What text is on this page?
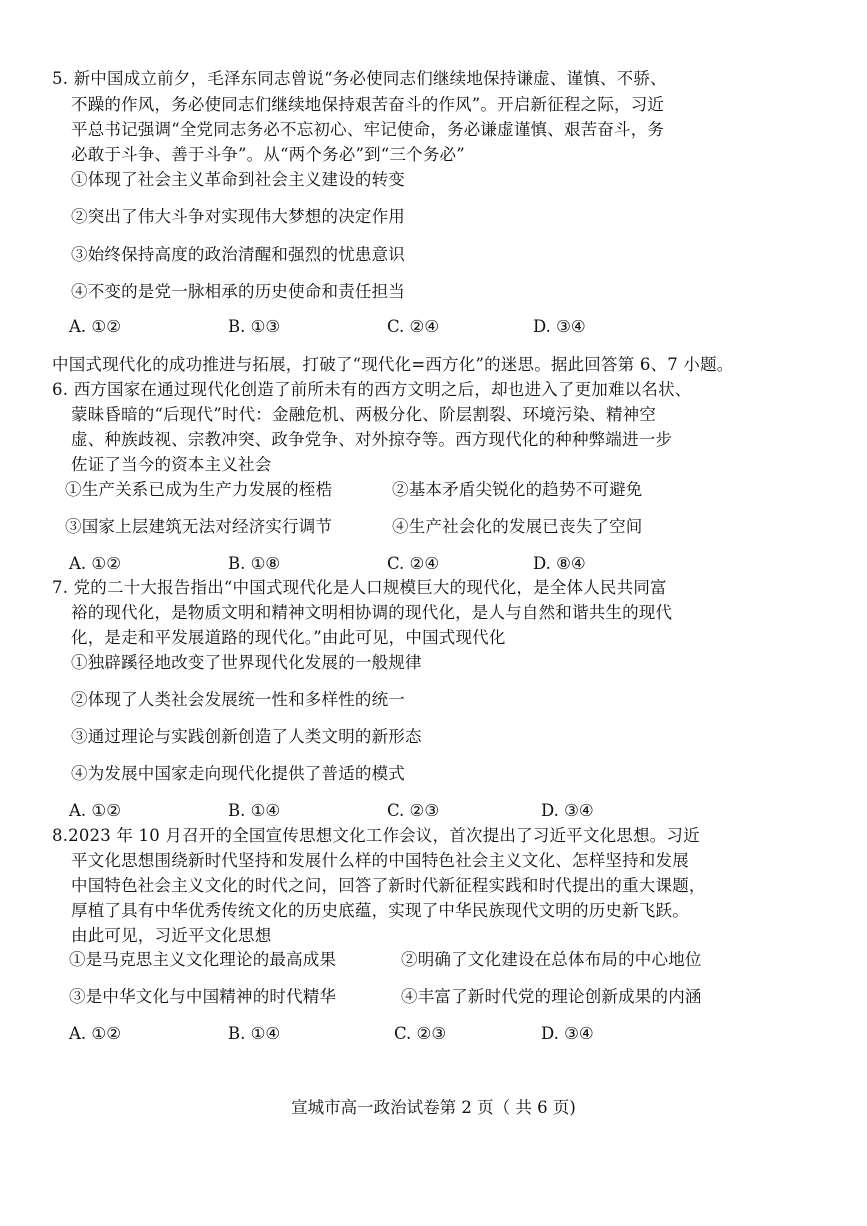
5. 新中国成立前夕，毛泽东同志曾说“务必使同志们继续地保持谦虚、谨慎、不骄、
不躁的作风，务必使同志们继续地保持艰苦奋斗的作风”。开启新征程之际，习近
平总书记强调“全党同志务必不忘初心、牢记使命，务必谦虚谨慎、艰苦奋斗，务
必敢于斗争、善于斗争”。从“两个务必”到“三个务必”
①体现了社会主义革命到社会主义建设的转变
②突出了伟大斗争对实现伟大梦想的决定作用
③始终保持高度的政治清醒和强烈的忧患意识
④不变的是党一脉相承的历史使命和责任担当
A. ①②	B. ①③	C. ②④	D. ③④
中国式现代化的成功推进与拓展，打破了“现代化=西方化”的迷思。据此回答第 6、7 小题。
6. 西方国家在通过现代化创造了前所未有的西方文明之后，却也进入了更加难以名状、
蒙昧昏暗的“后现代”时代：金融危机、两极分化、阶层割裂、环境污染、精神空
虚、种族歧视、宗教冲突、政争党争、对外掠夺等。西方现代化的种种弊端进一步
佐证了当今的资本主义社会
①生产关系已成为生产力发展的桎梏	②基本矛盾尖锐化的趋势不可避免
③国家上层建筑无法对经济实行调节	④生产社会化的发展已丧失了空间
A. ①②	B. ①⑧	C. ②④	D. ⑧④
7. 党的二十大报告指出“中国式现代化是人口规模巨大的现代化，是全体人民共同富
裕的现代化，是物质文明和精神文明相协调的现代化，是人与自然和谐共生的现代
化，是走和平发展道路的现代化。”由此可见，中国式现代化
①独辟蹊径地改变了世界现代化发展的一般规律
②体现了人类社会发展统一性和多样性的统一
③通过理论与实践创新创造了人类文明的新形态
④为发展中国家走向现代化提供了普适的模式
A. ①②	B. ①④	C. ②③	D. ③④
8.2023 年 10 月召开的全国宣传思想文化工作会议，首次提出了习近平文化思想。习近
平文化思想围绕新时代坚持和发展什么样的中国特色社会主义文化、怎样坚持和发展
中国特色社会主义文化的时代之问，回答了新时代新征程实践和时代提出的重大课题，
厚植了具有中华优秀传统文化的历史底蕴，实现了中华民族现代文明的历史新飞跃。
由此可见，习近平文化思想
①是马克思主义文化理论的最高成果	②明确了文化建设在总体布局的中心地位
③是中华文化与中国精神的时代精华	④丰富了新时代党的理论创新成果的内涵
A. ①②	B. ①④	C. ②③	D. ③④
宣城市高一政治试卷第 2 页（ 共 6 页)
